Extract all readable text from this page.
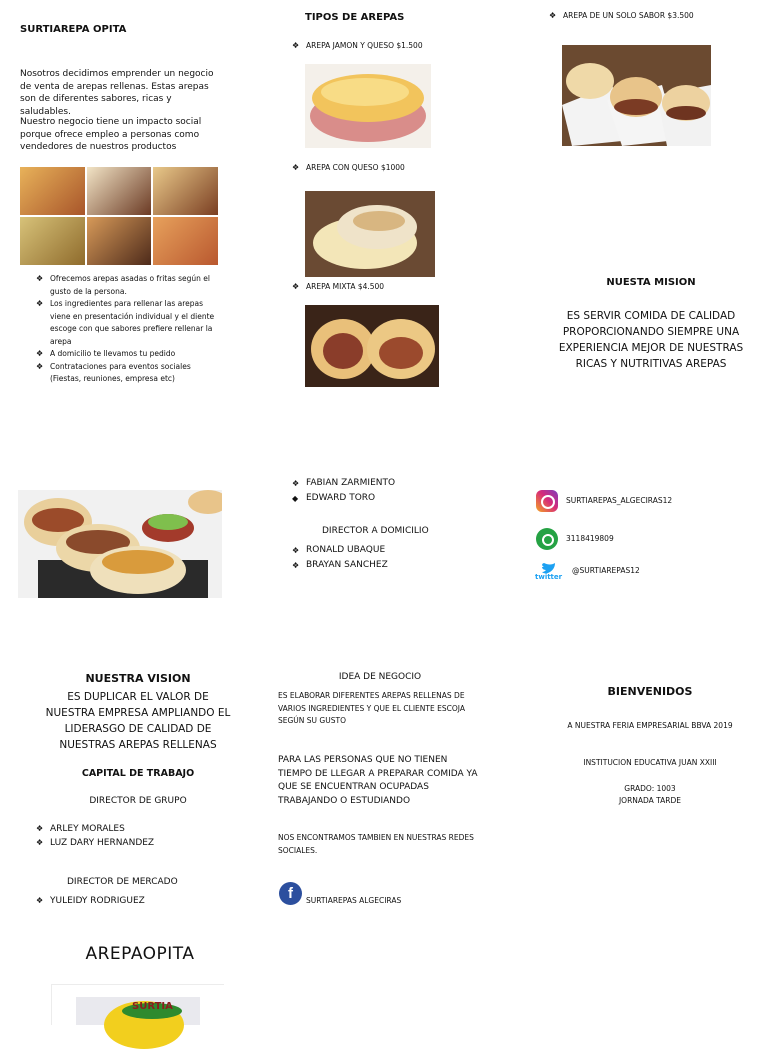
SURTIAREPA OPITA
Nosotros decidimos emprender un negocio de venta de arepas rellenas. Estas arepas son de diferentes sabores, ricas y saludables.
Nuestro negocio tiene un impacto social porque ofrece empleo a personas como vendedores de nuestros productos
❖ Ofrecemos arepas asadas o fritas según el gusto de la persona.
❖ Los ingredientes para rellenar las arepas viene en presentación individual y el diente escoge con que sabores prefiere rellenar la arepa
❖ A domicilio te llevamos tu pedido
❖ Contrataciones para eventos sociales (Fiestas, reuniones, empresa etc)
TIPOS DE AREPAS
❖ AREPA JAMON Y QUESO $1.500
❖ AREPA CON QUESO $1000
❖ AREPA MIXTA $4.500
❖ AREPA DE UN SOLO SABOR $3.500
NUESTA MISION
ES SERVIR COMIDA DE CALIDAD PROPORCIONANDO SIEMPRE UNA EXPERIENCIA MEJOR DE NUESTRAS RICAS Y NUTRITIVAS AREPAS
❖ FABIAN ZARMIENTO
◆ EDWARD TORO
DIRECTOR A DOMICILIO
❖ RONALD UBAQUE
❖ BRAYAN SANCHEZ
SURTIAREPAS_ALGECIRAS12
3118419809
twitter
@SURTIAREPAS12
NUESTRA VISION
ES DUPLICAR EL VALOR DE NUESTRA EMPRESA AMPLIANDO EL LIDERASGO DE CALIDAD DE NUESTRAS AREPAS RELLENAS
CAPITAL DE TRABAJO
DIRECTOR DE GRUPO
❖ ARLEY MORALES
❖ LUZ DARY HERNANDEZ
DIRECTOR DE MERCADO
❖ YULEIDY RODRIGUEZ
AREPAOPITA
SURTIA
IDEA DE NEGOCIO
ES ELABORAR DIFERENTES AREPAS RELLENAS DE VARIOS INGREDIENTES Y QUE EL CLIENTE ESCOJA SEGÚN SU GUSTO
PARA LAS PERSONAS QUE NO TIENEN TIEMPO DE LLEGAR A PREPARAR COMIDA YA QUE SE ENCUENTRAN OCUPADAS TRABAJANDO O ESTUDIANDO
NOS ENCONTRAMOS TAMBIEN EN NUESTRAS REDES SOCIALES.
f	SURTIAREPAS ALGECIRAS
BIENVENIDOS
A NUESTRA FERIA EMPRESARIAL BBVA 2019
INSTITUCION EDUCATIVA JUAN XXIII
GRADO: 1003
JORNADA TARDE
